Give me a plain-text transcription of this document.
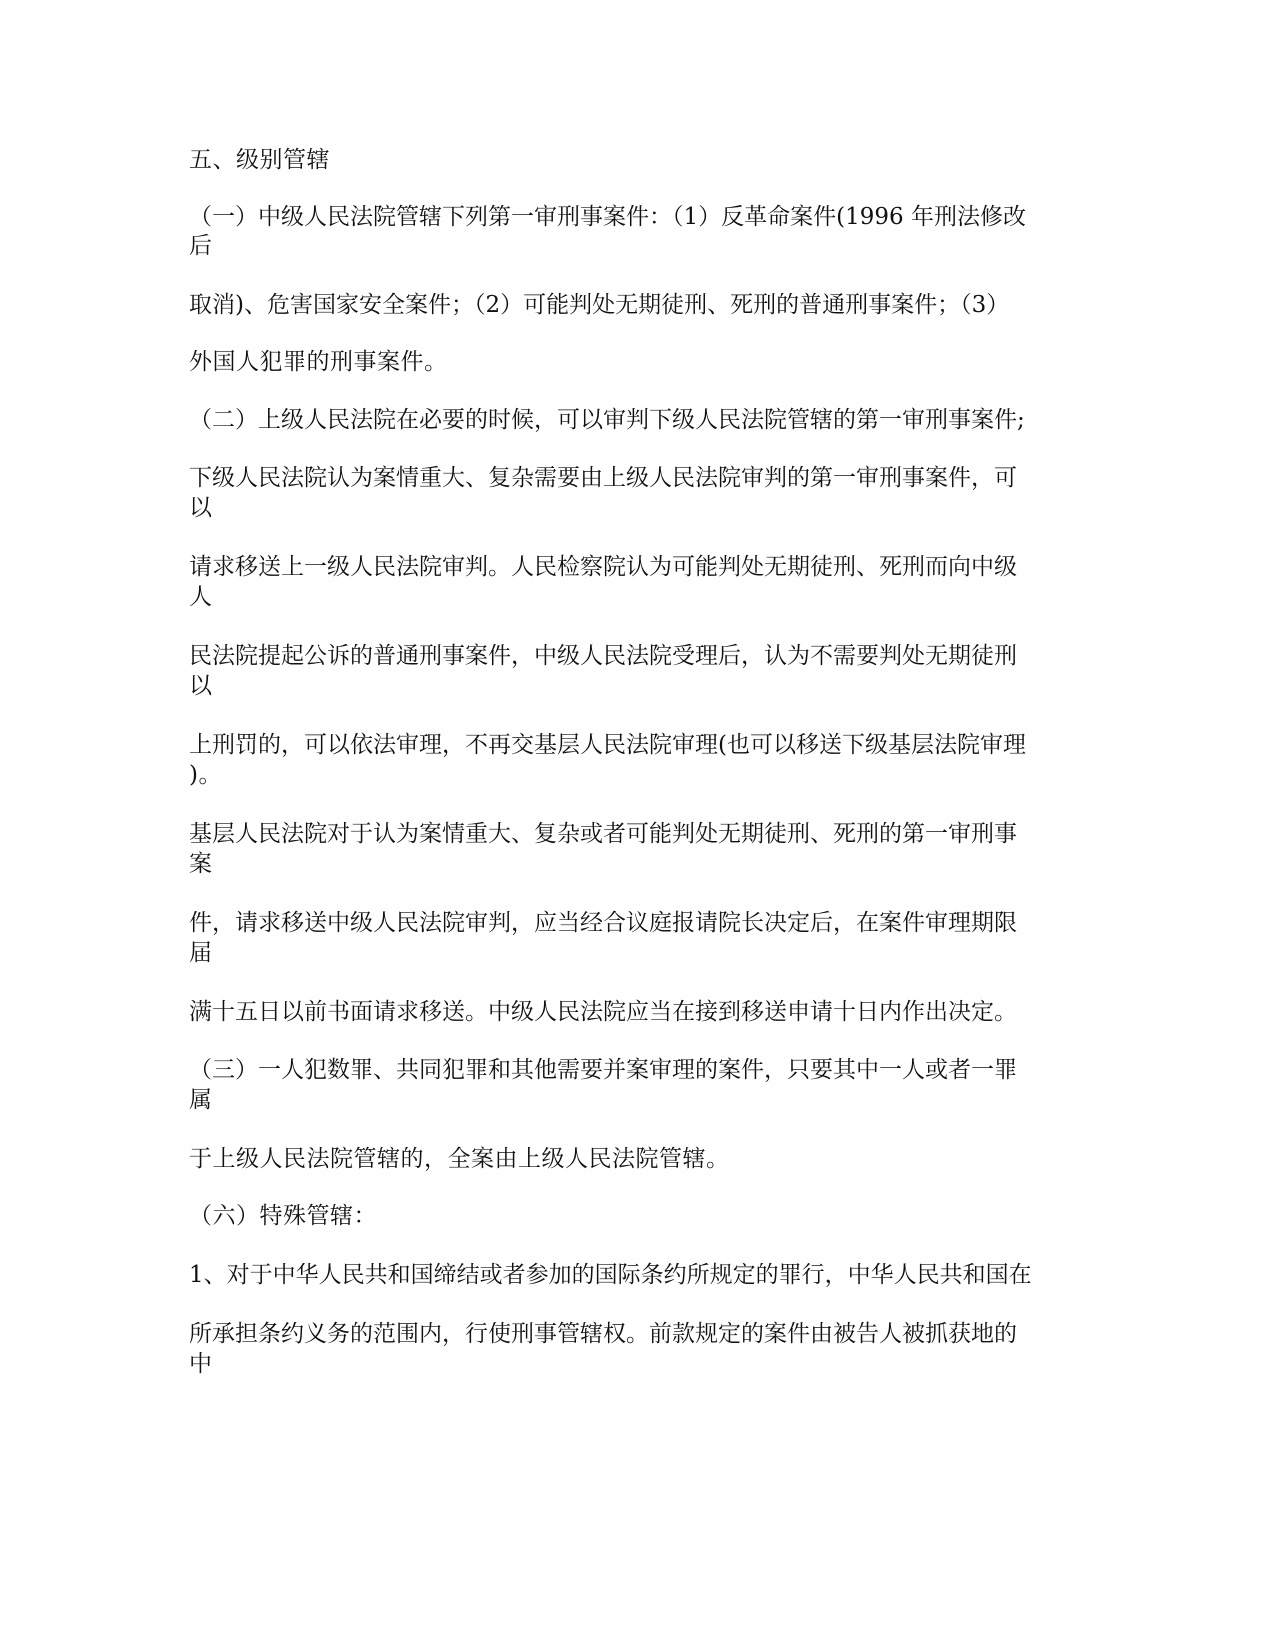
五、级别管辖
（一）中级人民法院管辖下列第一审刑事案件：（1）反革命案件(1996 年刑法修改
后
取消)、危害国家安全案件；（2）可能判处无期徒刑、死刑的普通刑事案件；（3）
外国人犯罪的刑事案件。
（二）上级人民法院在必要的时候，可以审判下级人民法院管辖的第一审刑事案件;
下级人民法院认为案情重大、复杂需要由上级人民法院审判的第一审刑事案件，可
以
请求移送上一级人民法院审判。人民检察院认为可能判处无期徒刑、死刑而向中级
人
民法院提起公诉的普通刑事案件，中级人民法院受理后，认为不需要判处无期徒刑
以
上刑罚的，可以依法审理，不再交基层人民法院审理(也可以移送下级基层法院审理
)。
基层人民法院对于认为案情重大、复杂或者可能判处无期徒刑、死刑的第一审刑事
案
件，请求移送中级人民法院审判，应当经合议庭报请院长决定后，在案件审理期限
届
满十五日以前书面请求移送。中级人民法院应当在接到移送申请十日内作出决定。
（三）一人犯数罪、共同犯罪和其他需要并案审理的案件，只要其中一人或者一罪
属
于上级人民法院管辖的，全案由上级人民法院管辖。
（六）特殊管辖：
1、对于中华人民共和国缔结或者参加的国际条约所规定的罪行，中华人民共和国在
所承担条约义务的范围内，行使刑事管辖权。前款规定的案件由被告人被抓获地的
中
